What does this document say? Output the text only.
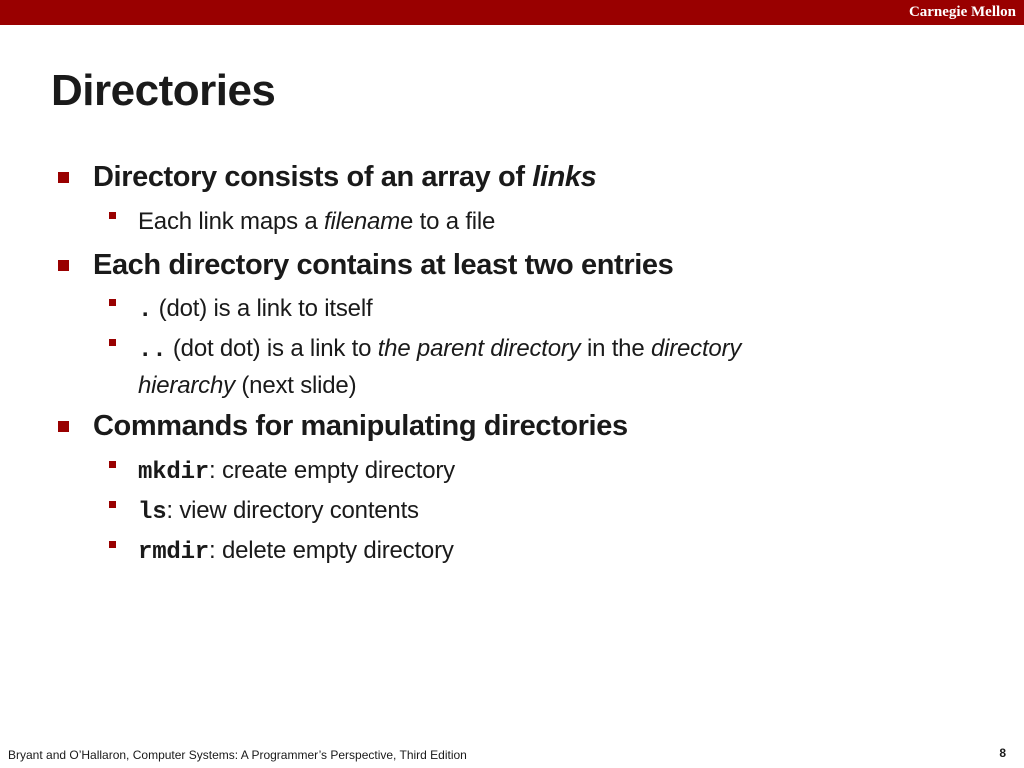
Carnegie Mellon
Directories
Directory consists of an array of links
Each link maps a filename to a file
Each directory contains at least two entries
. (dot) is a link to itself
.. (dot dot) is a link to the parent directory in the directory
hierarchy (next slide)
Commands for manipulating directories
mkdir: create empty directory
ls: view directory contents
rmdir: delete empty directory
Bryant and O’Hallaron, Computer Systems: A Programmer’s Perspective, Third Edition	8
